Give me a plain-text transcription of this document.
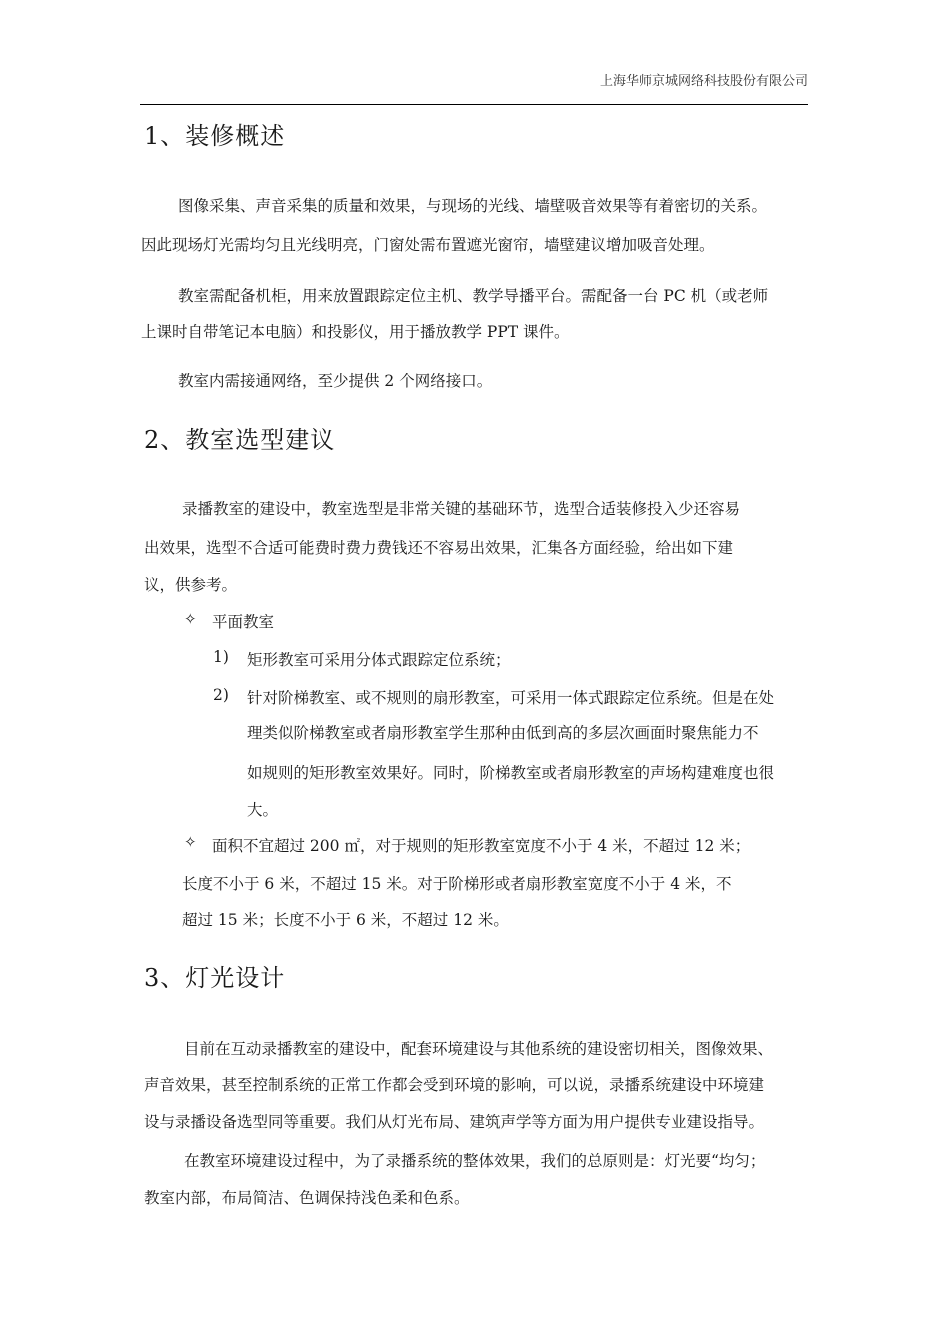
上海华师京城网络科技股份有限公司
1、装修概述
图像采集、声音采集的质量和效果，与现场的光线、墙壁吸音效果等有着密切的关系。
因此现场灯光需均匀且光线明亮，门窗处需布置遮光窗帘，墙壁建议增加吸音处理。
教室需配备机柜，用来放置跟踪定位主机、教学导播平台。需配备一台 PC 机（或老师
上课时自带笔记本电脑）和投影仪，用于播放教学 PPT 课件。
教室内需接通网络，至少提供 2 个网络接口。
2、教室选型建议
录播教室的建设中，教室选型是非常关键的基础环节，选型合适装修投入少还容易
出效果，选型不合适可能费时费力费钱还不容易出效果，汇集各方面经验，给出如下建
议，供参考。
✧ 平面教室
1) 矩形教室可采用分体式跟踪定位系统；
2) 针对阶梯教室、或不规则的扇形教室，可采用一体式跟踪定位系统。但是在处
理类似阶梯教室或者扇形教室学生那种由低到高的多层次画面时聚焦能力不
如规则的矩形教室效果好。同时，阶梯教室或者扇形教室的声场构建难度也很
大。
✧ 面积不宜超过 200 ㎡，对于规则的矩形教室宽度不小于 4 米，不超过 12 米；
长度不小于 6 米，不超过 15 米。对于阶梯形或者扇形教室宽度不小于 4 米，不
超过 15 米；长度不小于 6 米，不超过 12 米。
3、灯光设计
目前在互动录播教室的建设中，配套环境建设与其他系统的建设密切相关，图像效果、
声音效果，甚至控制系统的正常工作都会受到环境的影响，可以说，录播系统建设中环境建
设与录播设备选型同等重要。我们从灯光布局、建筑声学等方面为用户提供专业建设指导。
在教室环境建设过程中，为了录播系统的整体效果，我们的总原则是：灯光要“均匀；
教室内部，布局简洁、色调保持浅色柔和色系。
